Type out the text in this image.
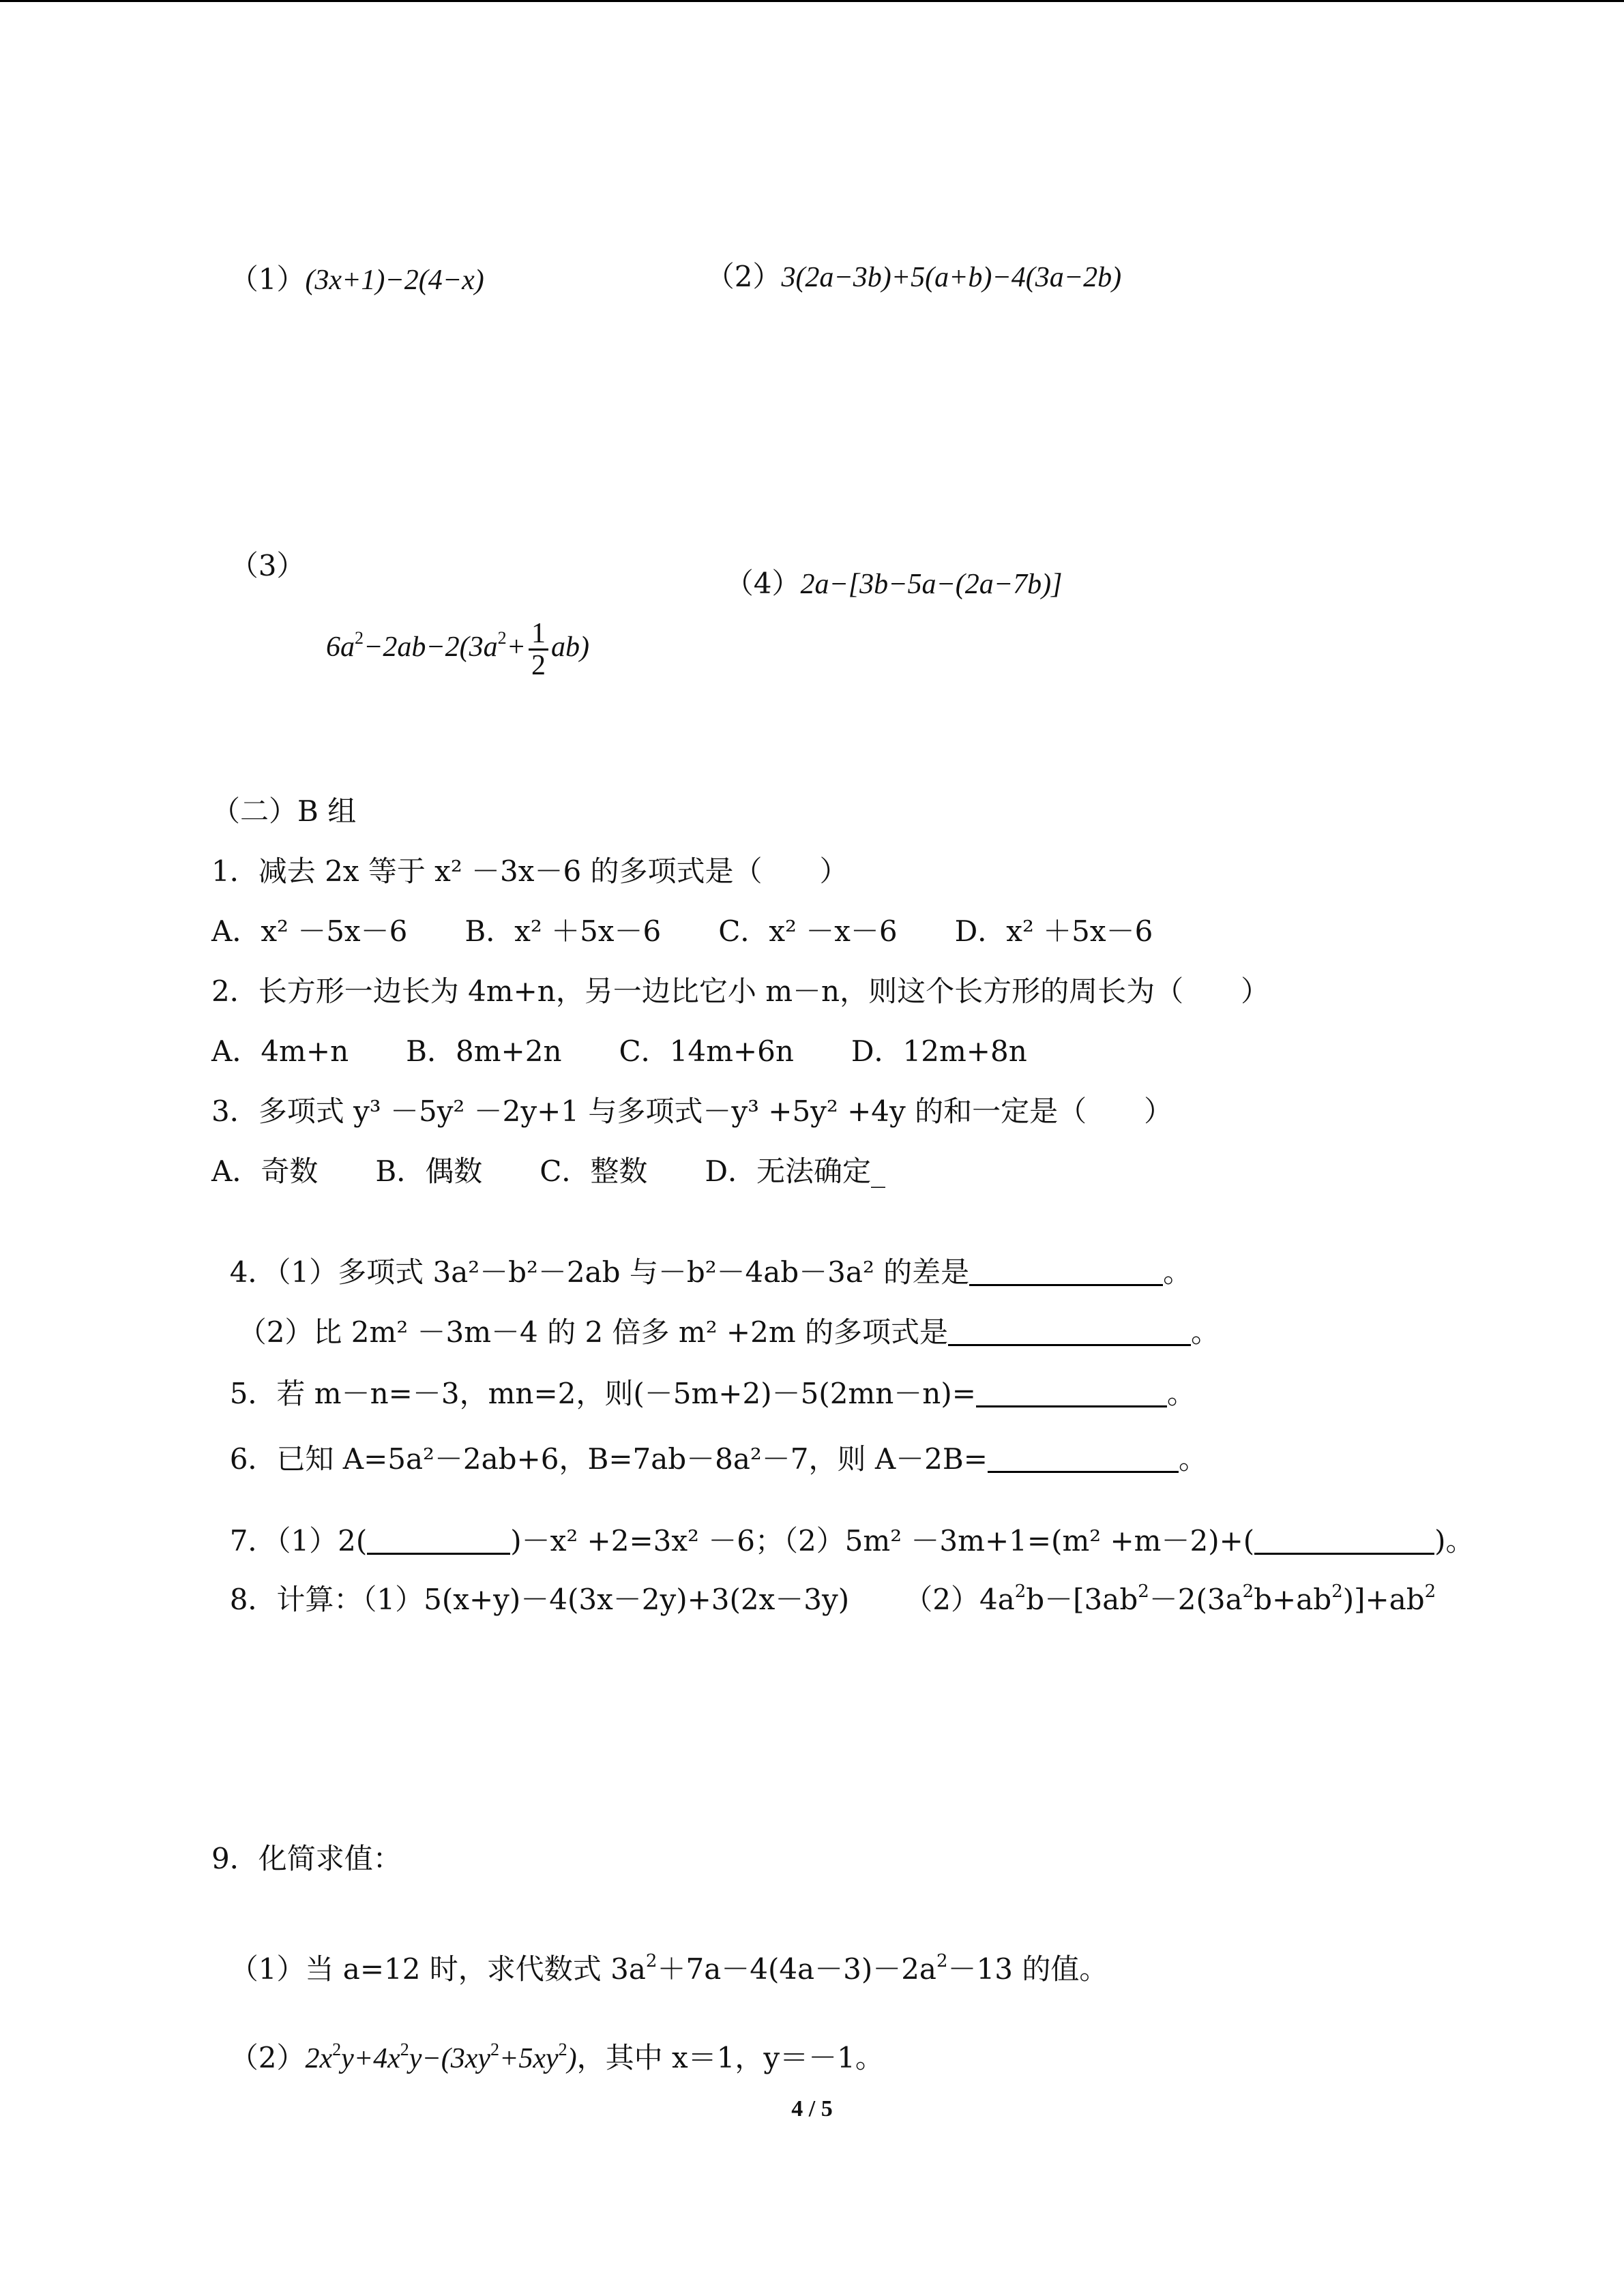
（1）(3x+1)−2(4−x)	（2）3(2a−3b)+5(a+b)−4(3a−2b)

（3）

$6a^2-2ab-2(3a^2+ \frac{1}{2} ab)$

（4）2a−[3b−5a−(2a−7b)]

（二）B 组
1．减去 2x 等于 x² －3x－6 的多项式是（　　）
A．x² －5x－6　　B．x² ＋5x－6　　C．x² －x－6　　D．x² ＋5x－6
2．长方形一边长为 4m+n，另一边比它小 m－n，则这个长方形的周长为（　　）
A．4m+n　　B．8m+2n　　C．14m+6n　　D．12m+8n
3．多项式 y³ －5y² －2y+1 与多项式－y³ +5y² +4y 的和一定是（　　）
A．奇数　　B．偶数　　C．整数　　D．无法确定_

4．（1）多项式 3a²－b²－2ab 与－b²－4ab－3a² 的差是	。

（2）比 2m² －3m－4 的 2 倍多 m² +2m 的多项式是	。

5．若 m－n=－3，mn=2，则(－5m+2)－5(2mn－n)=	。

6．已知 A=5a²－2ab+6，B=7ab－8a²－7，则 A－2B=	。

7．（1）2(	)－x² +2=3x² －6；（2）5m² －3m+1=(m² +m－2)+(	)。

8．计算：（1）5(x+y)－4(3x－2y)+3(2x－3y) $(2)4a^2b-[3ab^2-2(3a^2b+ab^2)]+ab^2$

9．化简求值：

（1）当 a=12 时，求代数式 $3a^2+7a-4(4a-3)-2a^2-13$ 的值。

$(2)2x^2y+4x^2y-(3xy^2+5xy^2)$，其中 x＝1，y＝－1。

4 / 5
